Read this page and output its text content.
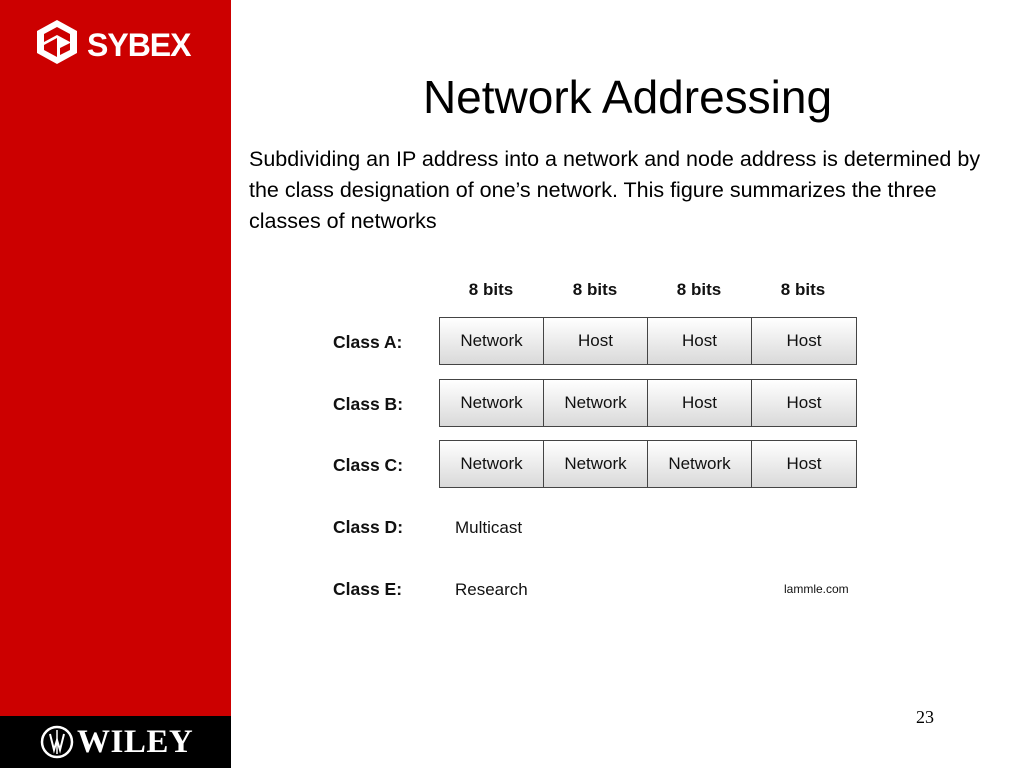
SYBEX
WILEY
Network Addressing
Subdividing an IP address into a network and node address is determined by the class designation of one’s network. This figure summarizes the three classes of networks
8 bits	8 bits	8 bits	8 bits
Class A:	Network	Host	Host	Host
Class B:	Network	Network	Host	Host
Class C:	Network	Network	Network	Host
Class D:	Multicast
Class E:	Research	lammle.com
23
